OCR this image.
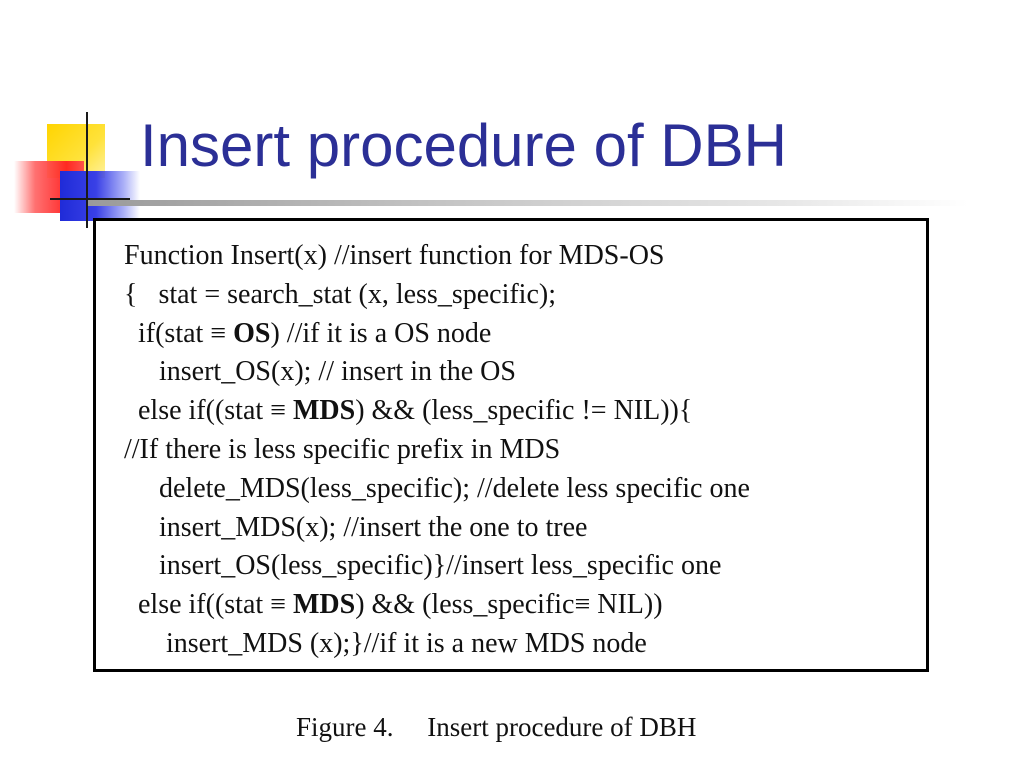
Insert procedure of DBH
Function Insert(x) //insert function for MDS-OS
{   stat = search_stat (x, less_specific);
if(stat ≡ OS) //if it is a OS node
insert_OS(x); // insert in the OS
else if((stat ≡ MDS) && (less_specific != NIL)){
//If there is less specific prefix in MDS
delete_MDS(less_specific); //delete less specific one
insert_MDS(x); //insert the one to tree
insert_OS(less_specific)}//insert less_specific one
else if((stat ≡ MDS) && (less_specific≡ NIL))
insert_MDS (x);}//if it is a new MDS node
Figure 4. Insert procedure of DBH
